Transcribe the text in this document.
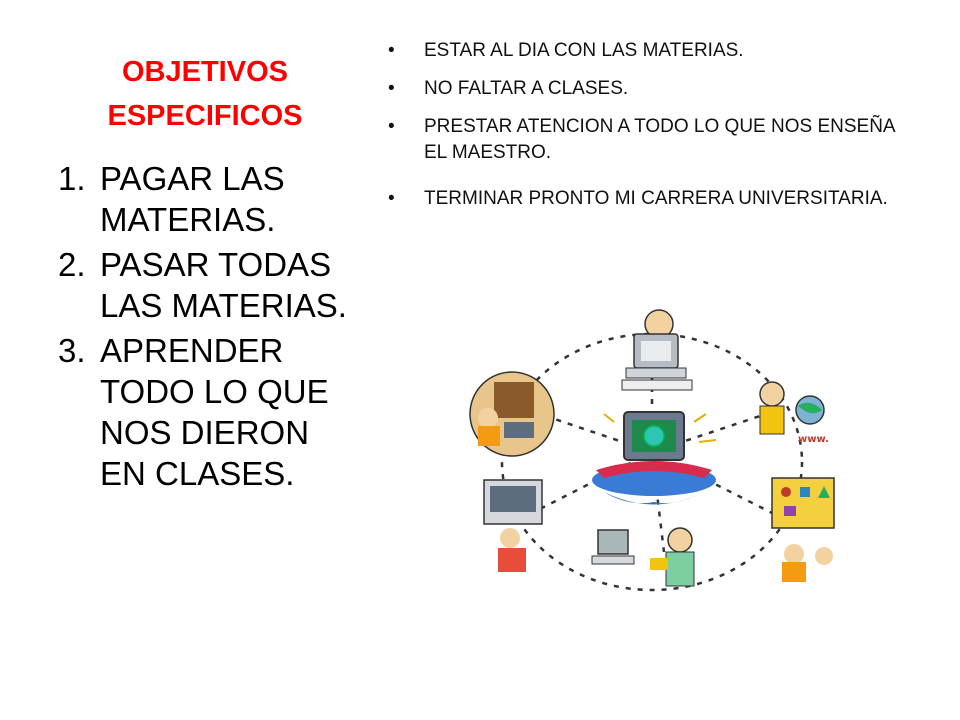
OBJETIVOS
ESPECIFICOS
1. PAGAR LAS MATERIAS.
2. PASAR TODAS LAS MATERIAS.
3. APRENDER TODO LO QUE NOS DIERON EN CLASES.
• ESTAR AL DIA CON LAS MATERIAS.
• NO FALTAR A CLASES.
• PRESTAR ATENCION A TODO LO QUE NOS ENSEÑA EL MAESTRO.
• TERMINAR PRONTO MI CARRERA UNIVERSITARIA.
www.
